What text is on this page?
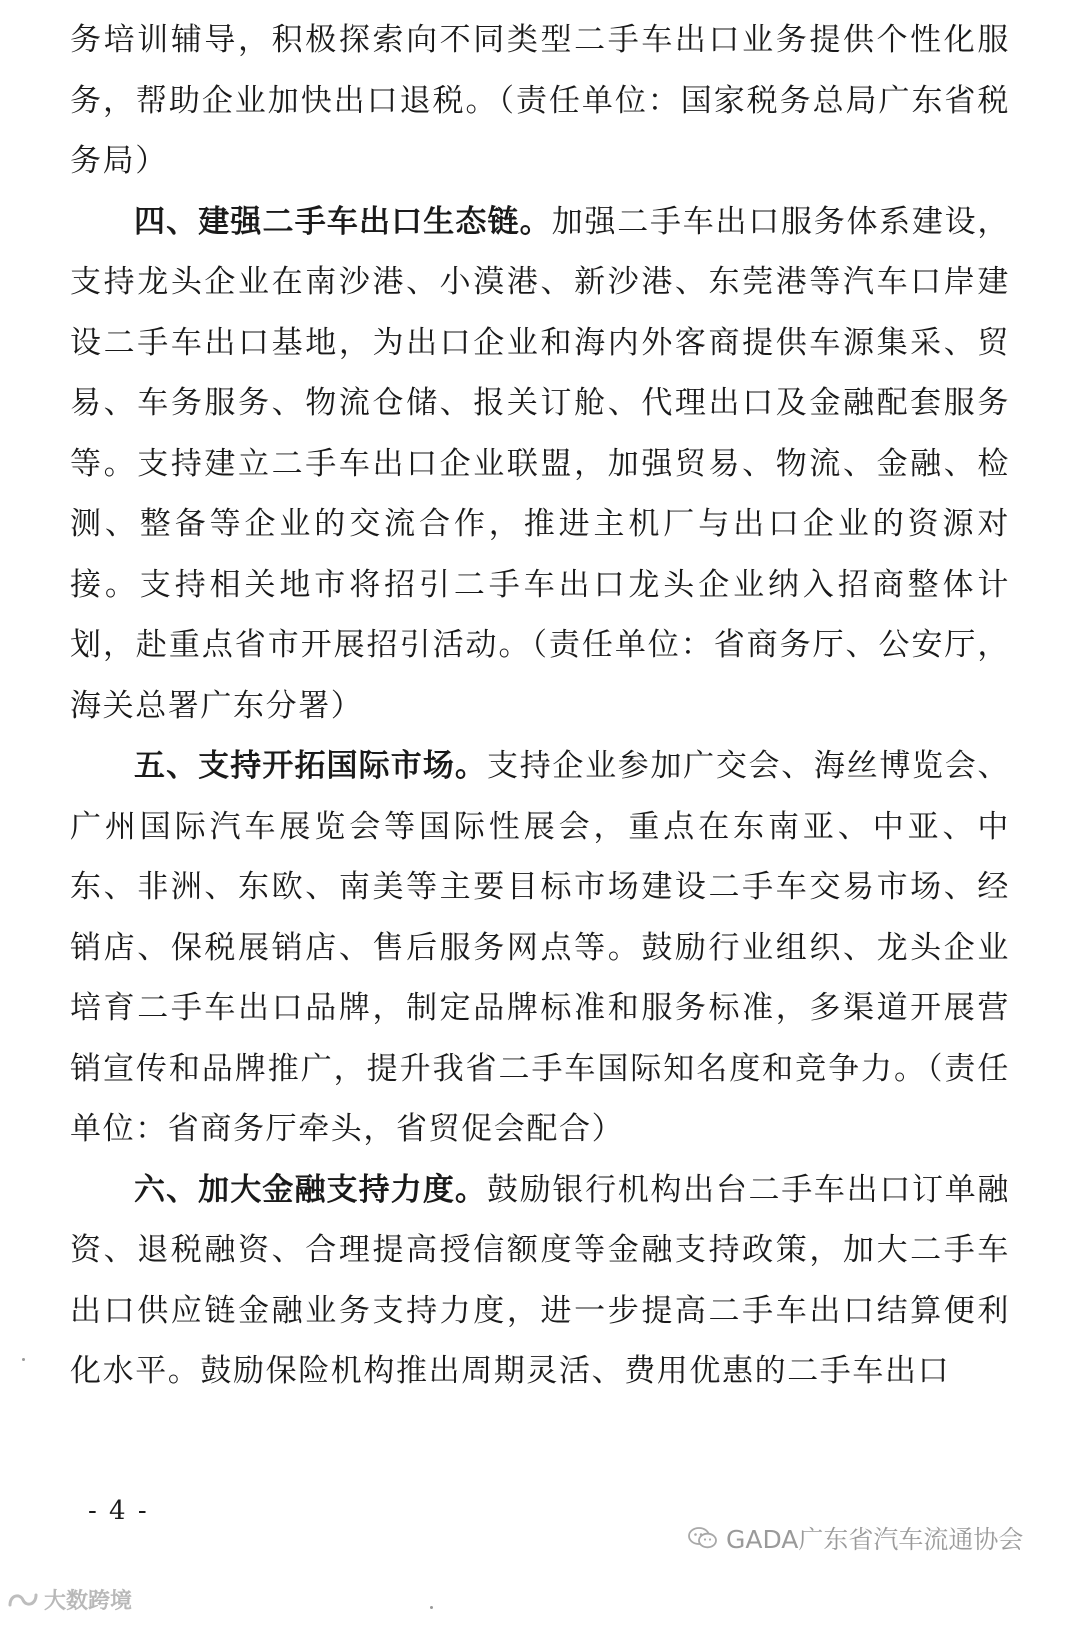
务培训辅导，积极探索向不同类型二手车出口业务提供个性化服务，帮助企业加快出口退税。（责任单位：国家税务总局广东省税务局）

四、建强二手车出口生态链。加强二手车出口服务体系建设，支持龙头企业在南沙港、小漠港、新沙港、东莞港等汽车口岸建设二手车出口基地，为出口企业和海内外客商提供车源集采、贸易、车务服务、物流仓储、报关订舱、代理出口及金融配套服务等。支持建立二手车出口企业联盟，加强贸易、物流、金融、检测、整备等企业的交流合作，推进主机厂与出口企业的资源对接。支持相关地市将招引二手车出口龙头企业纳入招商整体计划，赴重点省市开展招引活动。（责任单位：省商务厅、公安厅，海关总署广东分署）

五、支持开拓国际市场。支持企业参加广交会、海丝博览会、广州国际汽车展览会等国际性展会，重点在东南亚、中亚、中东、非洲、东欧、南美等主要目标市场建设二手车交易市场、经销店、保税展销店、售后服务网点等。鼓励行业组织、龙头企业培育二手车出口品牌，制定品牌标准和服务标准，多渠道开展营销宣传和品牌推广，提升我省二手车国际知名度和竞争力。（责任单位：省商务厅牵头，省贸促会配合）

六、加大金融支持力度。鼓励银行机构出台二手车出口订单融资、退税融资、合理提高授信额度等金融支持政策，加大二手车出口供应链金融业务支持力度，进一步提高二手车出口结算便利化水平。鼓励保险机构推出周期灵活、费用优惠的二手车出口

- 4 -
GADA广东省汽车流通协会
大数跨境
